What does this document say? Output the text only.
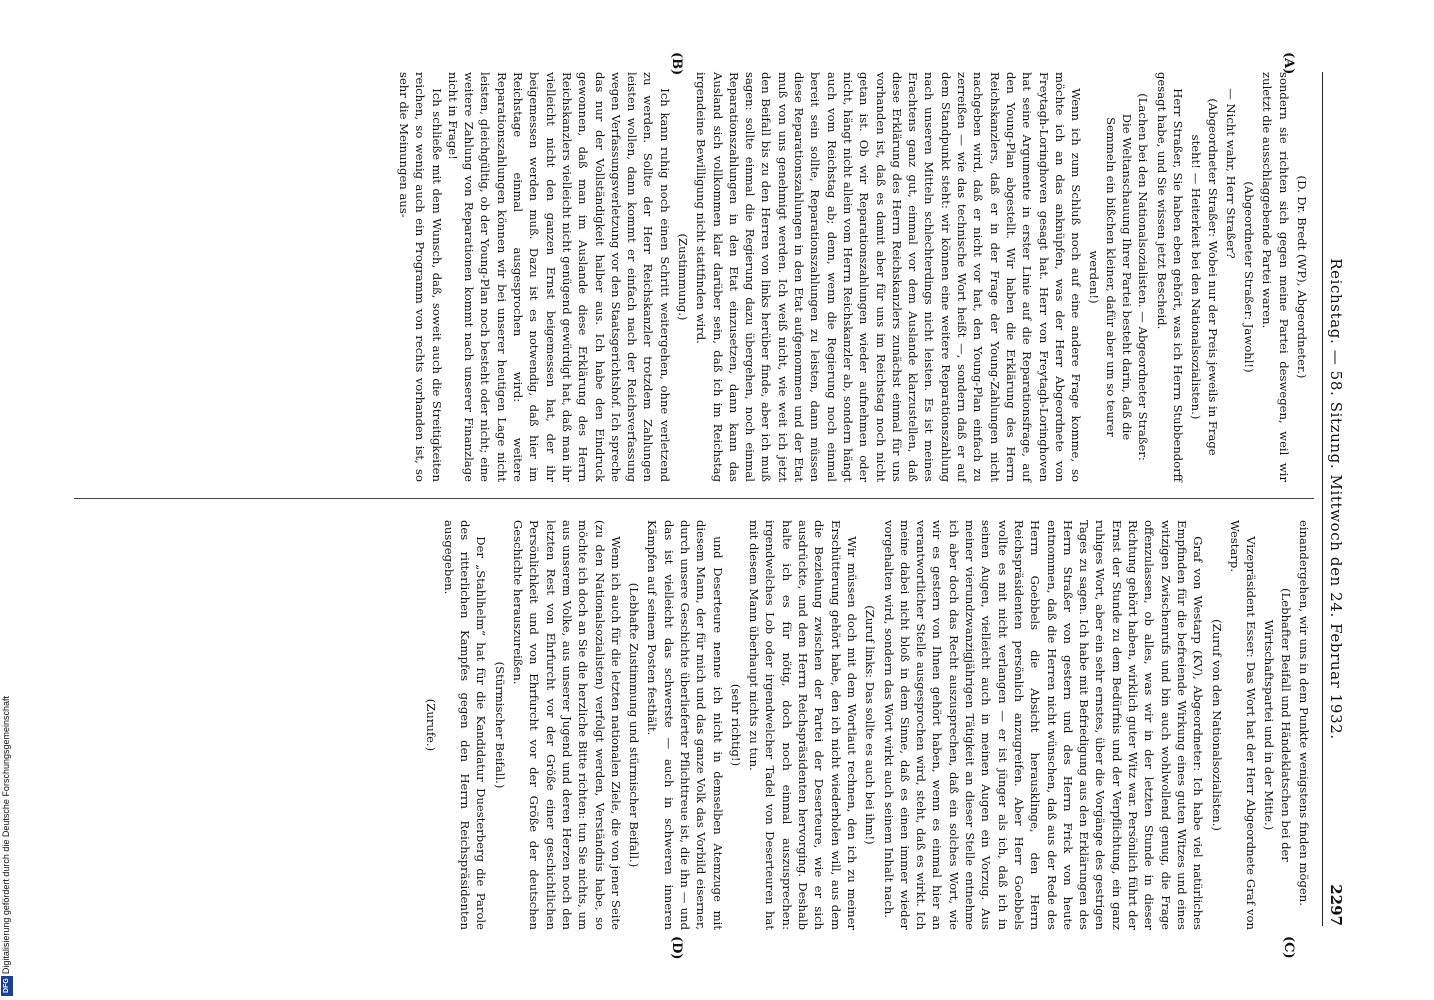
Reichstag. — 58. Sitzung. Mittwoch den 24. Februar 1932.
2297
(A)
(B)
(C)
(D)

(D. Dr. Bredt (WP), Abgeordneter.)

sondern sie richten sich gegen meine Partei deswegen, weil wir zuletzt die ausschlaggebende Partei waren.

(Abgeordneter Straßer: Jawohl!)

— Nicht wahr, Herr Straßer?

(Abgeordneter Straßer: Wobei nur der Preis jeweils in Frage steht! — Heiterkeit bei den Nationalsozialisten.)

Herr Straßer, Sie haben eben gehört, was ich Herrn Stubbendorff gesagt habe, und Sie wissen jetzt Bescheid.

(Lachen bei den Nationalsozialisten. — Abgeordneter Straßer: Die Weltanschauung Ihrer Partei besteht darin, daß die Semmeln ein bißchen kleiner, dafür aber um so teurer werden!)

Wenn ich zum Schluß noch auf eine andere Frage komme, so möchte ich an das anknüpfen, was der Herr Abgeordnete von Freytagh-Loringhoven gesagt hat. Herr von Freytagh-Loringhoven hat seine Argumente in erster Linie auf die Reparationsfrage, auf den Young-Plan abgestellt. Wir haben die Erklärung des Herrn Reichskanzlers, daß er in der Frage der Young-Zahlungen nicht nachgeben wird, daß er nicht vor hat, den Young-Plan einfach zu zerreißen — wie das technische Wort heißt —, sondern daß er auf dem Standpunkt steht: wir können eine weitere Reparationszahlung nach unseren Mitteln schlechterdings nicht leisten. Es ist meines Erachtens ganz gut, einmal vor dem Auslande klarzustellen, daß diese Erklärung des Herrn Reichskanzlers zunächst einmal für uns vorhanden ist, daß es damit aber für uns im Reichstag noch nicht getan ist. Ob wir Reparationszahlungen wieder aufnehmen oder nicht, hängt nicht allein vom Herrn Reichskanzler ab, sondern hängt auch vom Reichstag ab; denn, wenn die Regierung noch einmal bereit sein sollte, Reparationszahlungen zu leisten, dann müssen diese Reparationszahlungen in den Etat aufgenommen und der Etat muß von uns genehmigt werden. Ich weiß nicht, wie weit ich jetzt den Beifall bis zu den Herren von links herüber finde, aber ich muß sagen: sollte einmal die Regierung dazu übergehen, noch einmal Reparationszahlungen in den Etat einzusetzen, dann kann das Ausland sich vollkommen klar darüber sein, daß ich im Reichstag irgendeine Bewilligung nicht stattfinden wird.

(Zustimmung.)

Ich kann ruhig noch einen Schritt weitergehen, ohne verletzend zu werden. Sollte der Herr Reichskanzler trotzdem Zahlungen leisten wollen, dann kommt er einfach nach der Reichsverfassung wegen Verfassungsverletzung vor den Staatsgerichtshof. Ich spreche das nur der Vollständigkeit halber aus. Ich habe den Eindruck gewonnen, daß man im Auslande diese Erklärung des Herrn Reichskanzlers vielleicht nicht genügend gewürdigt hat, daß man ihr vielleicht nicht den ganzen Ernst beigemessen hat, der ihr beigemessen werden muß. Dazu ist es notwendig, daß hier im Reichstage einmal ausgesprochen wird: weitere Reparationszahlungen können wir bei unserer heutigen Lage nicht leisten, gleichgültig, ob der Young-Plan noch besteht oder nicht; eine weitere Zahlung von Reparationen kommt nach unserer Finanzlage nicht in Frage!

Ich schließe mit dem Wunsch, daß, soweit auch die Streitigkeiten reichen, so wenig auch ein Programm von rechts vorhanden ist, so sehr die Meinungen aus-

einandergehen, wir uns in dem Punkte wenigstens finden mögen.

(Lebhafter Beifall und Händeklatschen bei der Wirtschaftspartei und in der Mitte.)

Vizepräsident Esser: Das Wort hat der Herr Abgeordnete Graf von Westarp.

(Zuruf von den Nationalsozialisten.)

Graf von Westarp (KV), Abgeordneter: Ich habe viel natürliches Empfinden für die befreiende Wirkung eines guten Witzes und eines witzigen Zwischenrufs und bin auch wohlwollend genug, die Frage offenzulassen, ob alles, was wir in der letzten Stunde in dieser Richtung gehört haben, wirklich guter Witz war. Persönlich führt der Ernst der Stunde zu dem Bedürfnis und der Verpflichtung, ein ganz ruhiges Wort, aber ein sehr ernstes, über die Vorgänge des gestrigen Tages zu sagen. Ich habe mit Befriedigung aus den Erklärungen des Herrn Straßer von gestern und des Herrn Frick von heute entnommen, daß die Herren nicht wünschen, daß aus der Rede des Herrn Goebbels die Absicht herausklinge, den Herrn Reichspräsidenten persönlich anzugreifen. Aber Herr Goebbels wollte es mit nicht verlangen — er ist jünger als ich, daß ich in seinen Augen, vielleicht auch in meinen Augen ein Vorzug. Aus meiner vierundzwanzigjährigen Tätigkeit an dieser Stelle entnehme ich aber doch das Recht auszusprechen, daß ein solches Wort, wie wir es gestern von Ihnen gehört haben, wenn es einmal hier an verantwortlicher Stelle ausgesprochen wird, steht, daß es wirkt. Ich meine dabei nicht bloß in dem Sinne, daß es einen immer wieder vorgehalten wird, sondern das Wort wirkt auch seinem Inhalt nach.

(Zuruf links: Das sollte es auch bei ihm!)

Wir müssen doch mit dem Wortlaut rechnen, den ich zu meiner Erschütterung gehört habe, den ich nicht wiederholen will, aus dem die Beziehung zwischen der Partei der Deserteure, wie er sich ausdrückte, und dem Herrn Reichspräsidenten hervorging. Deshalb halte ich es für nötig, doch noch einmal auszusprechen: irgendwelches Lob oder irgendwelcher Tadel von Deserteuren hat mit diesem Mann überhaupt nichts zu tun.

(sehr richtig!)

und Deserteure nenne ich nicht in demselben Atemzuge mit diesem Mann, der für mich und das ganze Volk das Vorbild eiserner, durch unsere Geschichte überlieferter Pflichttreue ist, die ihn — und das ist vielleicht das schwerste — auch in schweren inneren Kämpfen auf seinem Posten festhält.

(Lebhafte Zustimmung und stürmischer Beifall.)

Wenn ich auch für die letzten nationalen Ziele, die von jener Seite (zu den Nationalsozialisten) verfolgt werden, Verständnis habe, so möchte ich doch an Sie die herzliche Bitte richten: tun Sie nichts, um aus unserem Volke, aus unserer Jugend und deren Herzen noch den letzten Rest von Ehrfurcht vor der Größe einer geschichtlichen Persönlichkeit und von Ehrfurcht vor der Größe der deutschen Geschichte herauszureißen.

(Stürmischer Beifall.)

Der „Stahlhelm“ hat für die Kandidatur Duesterberg die Parole des ritterlichen Kampfes gegen den Herrn Reichspräsidenten ausgegeben.

(Zurufe.)

Digitalisierung gefördert durch die Deutsche Forschungsgemeinschaft
DFG
